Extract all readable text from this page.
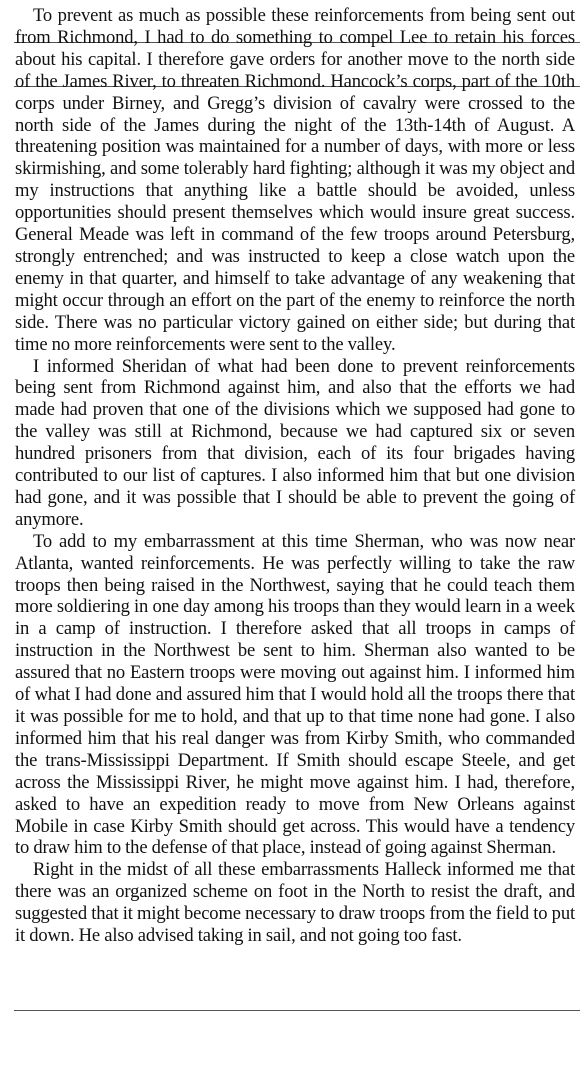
To prevent as much as possible these reinforcements from being sent out from Richmond, I had to do something to compel Lee to retain his forces about his capital. I therefore gave orders for another move to the north side of the James River, to threaten Richmond. Hancock’s corps, part of the 10th corps under Birney, and Gregg’s division of cavalry were crossed to the north side of the James during the night of the 13th-14th of August. A threatening position was maintained for a number of days, with more or less skirmishing, and some tolerably hard fighting; although it was my object and my instructions that anything like a battle should be avoided, unless opportunities should present themselves which would insure great success. General Meade was left in command of the few troops around Petersburg, strongly entrenched; and was instructed to keep a close watch upon the enemy in that quarter, and himself to take advantage of any weakening that might occur through an effort on the part of the enemy to reinforce the north side. There was no particular victory gained on either side; but during that time no more reinforcements were sent to the valley.

I informed Sheridan of what had been done to prevent reinforcements being sent from Richmond against him, and also that the efforts we had made had proven that one of the divisions which we supposed had gone to the valley was still at Richmond, because we had captured six or seven hundred prisoners from that division, each of its four brigades having contributed to our list of captures. I also informed him that but one division had gone, and it was possible that I should be able to prevent the going of anymore.

To add to my embarrassment at this time Sherman, who was now near Atlanta, wanted reinforcements. He was perfectly willing to take the raw troops then being raised in the Northwest, saying that he could teach them more soldiering in one day among his troops than they would learn in a week in a camp of instruction. I therefore asked that all troops in camps of instruction in the Northwest be sent to him. Sherman also wanted to be assured that no Eastern troops were moving out against him. I informed him of what I had done and assured him that I would hold all the troops there that it was possible for me to hold, and that up to that time none had gone. I also informed him that his real danger was from Kirby Smith, who commanded the trans-Mississippi Department. If Smith should escape Steele, and get across the Mississippi River, he might move against him. I had, therefore, asked to have an expedition ready to move from New Orleans against Mobile in case Kirby Smith should get across. This would have a tendency to draw him to the defense of that place, instead of going against Sherman.

Right in the midst of all these embarrassments Halleck informed me that there was an organized scheme on foot in the North to resist the draft, and suggested that it might become necessary to draw troops from the field to put it down. He also advised taking in sail, and not going too fast.
